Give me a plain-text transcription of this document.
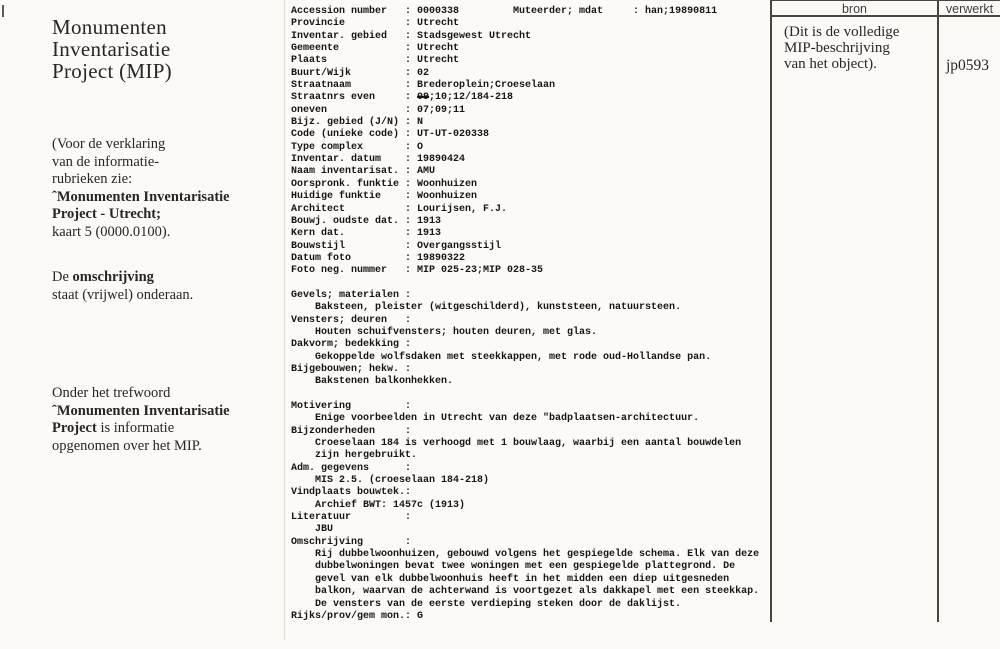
Monumenten
Inventarisatie
Project (MIP)
(Voor de verklaring
van de informatie-
rubrieken zie:
ˆMonumenten Inventarisatie
Project - Utrecht;
kaart 5 (0000.0100).
De omschrijving
staat (vrijwel) onderaan.
Onder het trefwoord
ˆMonumenten Inventarisatie
Project is informatie
opgenomen over het MIP.
Accession number   : 0000338         Muteerder; mdat     : han;19890811
Provincie          : Utrecht
Inventar. gebied   : Stadsgewest Utrecht
Gemeente           : Utrecht
Plaats             : Utrecht
Buurt/Wijk         : 02
Straatnaam         : Brederoplein;Croeselaan
Straatnrs even     : 09;10;12/184-218
oneven             : 07;09;11
Bijz. gebied (J/N) : N
Code (unieke code) : UT-UT-020338
Type complex       : O
Inventar. datum    : 19890424
Naam inventarisat. : AMU
Oorspronk. funktie : Woonhuizen
Huidige funktie    : Woonhuizen
Architect          : Lourijsen, F.J.
Bouwj. oudste dat. : 1913
Kern dat.          : 1913
Bouwstijl          : Overgangsstijl
Datum foto         : 19890322
Foto neg. nummer   : MIP 025-23;MIP 028-35

Gevels; materialen :
Baksteen, pleister (witgeschilderd), kunststeen, natuursteen.
Vensters; deuren   :
Houten schuifvensters; houten deuren, met glas.
Dakvorm; bedekking :
Gekoppelde wolfsdaken met steekkappen, met rode oud-Hollandse pan.
Bijgebouwen; hekw. :
Bakstenen balkonhekken.

Motivering         :
Enige voorbeelden in Utrecht van deze "badplaatsen-architectuur.
Bijzonderheden     :
Croeselaan 184 is verhoogd met 1 bouwlaag, waarbij een aantal bouwdelen
zijn hergebruikt.
Adm. gegevens      :
MIS 2.5. (croeselaan 184-218)
Vindplaats bouwtek.:
Archief BWT: 1457c (1913)
Literatuur         :
JBU
Omschrijving       :
Rij dubbelwoonhuizen, gebouwd volgens het gespiegelde schema. Elk van deze
dubbelwoningen bevat twee woningen met een gespiegelde plattegrond. De
gevel van elk dubbelwoonhuis heeft in het midden een diep uitgesneden
balkon, waarvan de achterwand is voortgezet als dakkapel met een steekkap.
De vensters van de eerste verdieping steken door de daklijst.
Rijks/prov/gem mon.: G
bron	verwerkt
(Dit is de volledige
MIP-beschrijving
van het object).	jp0593
